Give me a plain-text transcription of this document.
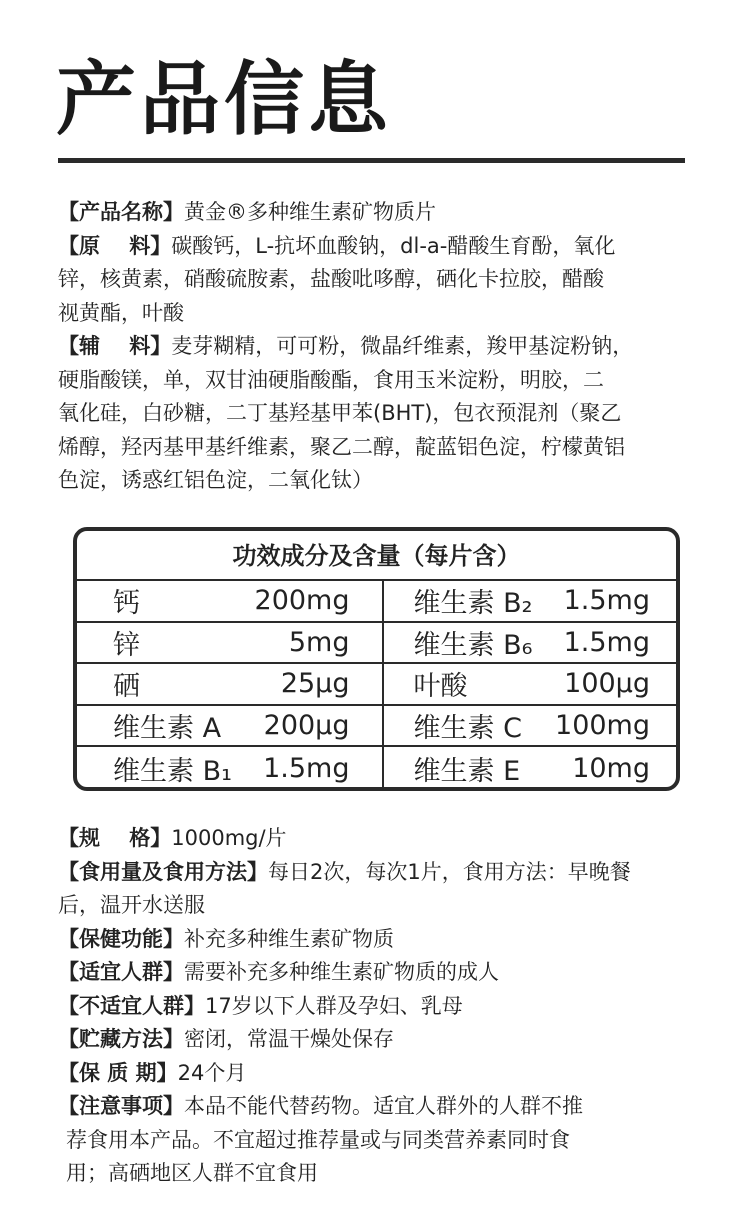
产品信息
【产品名称】黄金®多种维生素矿物质片
【原    料】碳酸钙，L-抗坏血酸钠，dl-a-醋酸生育酚，氧化
锌，核黄素，硝酸硫胺素，盐酸吡哆醇，硒化卡拉胶，醋酸
视黄酯，叶酸
【辅    料】麦芽糊精，可可粉，微晶纤维素，羧甲基淀粉钠，
硬脂酸镁，单，双甘油硬脂酸酯，食用玉米淀粉，明胶，二
氧化硅，白砂糖，二丁基羟基甲苯(BHT)，包衣预混剂（聚乙
烯醇，羟丙基甲基纤维素，聚乙二醇，靛蓝铝色淀，柠檬黄铝
色淀，诱惑红铝色淀，二氧化钛）
功效成分及含量（每片含）
钙	200mg 维生素 B₂ 1.5mg
锌	5mg 维生素 B₆ 1.5mg
硒	25μg 叶酸	100μg
维生素 A 200μg 维生素 C 100mg
维生素 B₁ 1.5mg 维生素 E 10mg
【规    格】1000mg/片
【食用量及食用方法】每日2次，每次1片，食用方法：早晚餐
后，温开水送服
【保健功能】补充多种维生素矿物质
【适宜人群】需要补充多种维生素矿物质的成人
【不适宜人群】17岁以下人群及孕妇、乳母
【贮藏方法】密闭，常温干燥处保存
【保 质 期】24个月
【注意事项】本品不能代替药物。适宜人群外的人群不推
荐食用本产品。不宜超过推荐量或与同类营养素同时食
用；高硒地区人群不宜食用
